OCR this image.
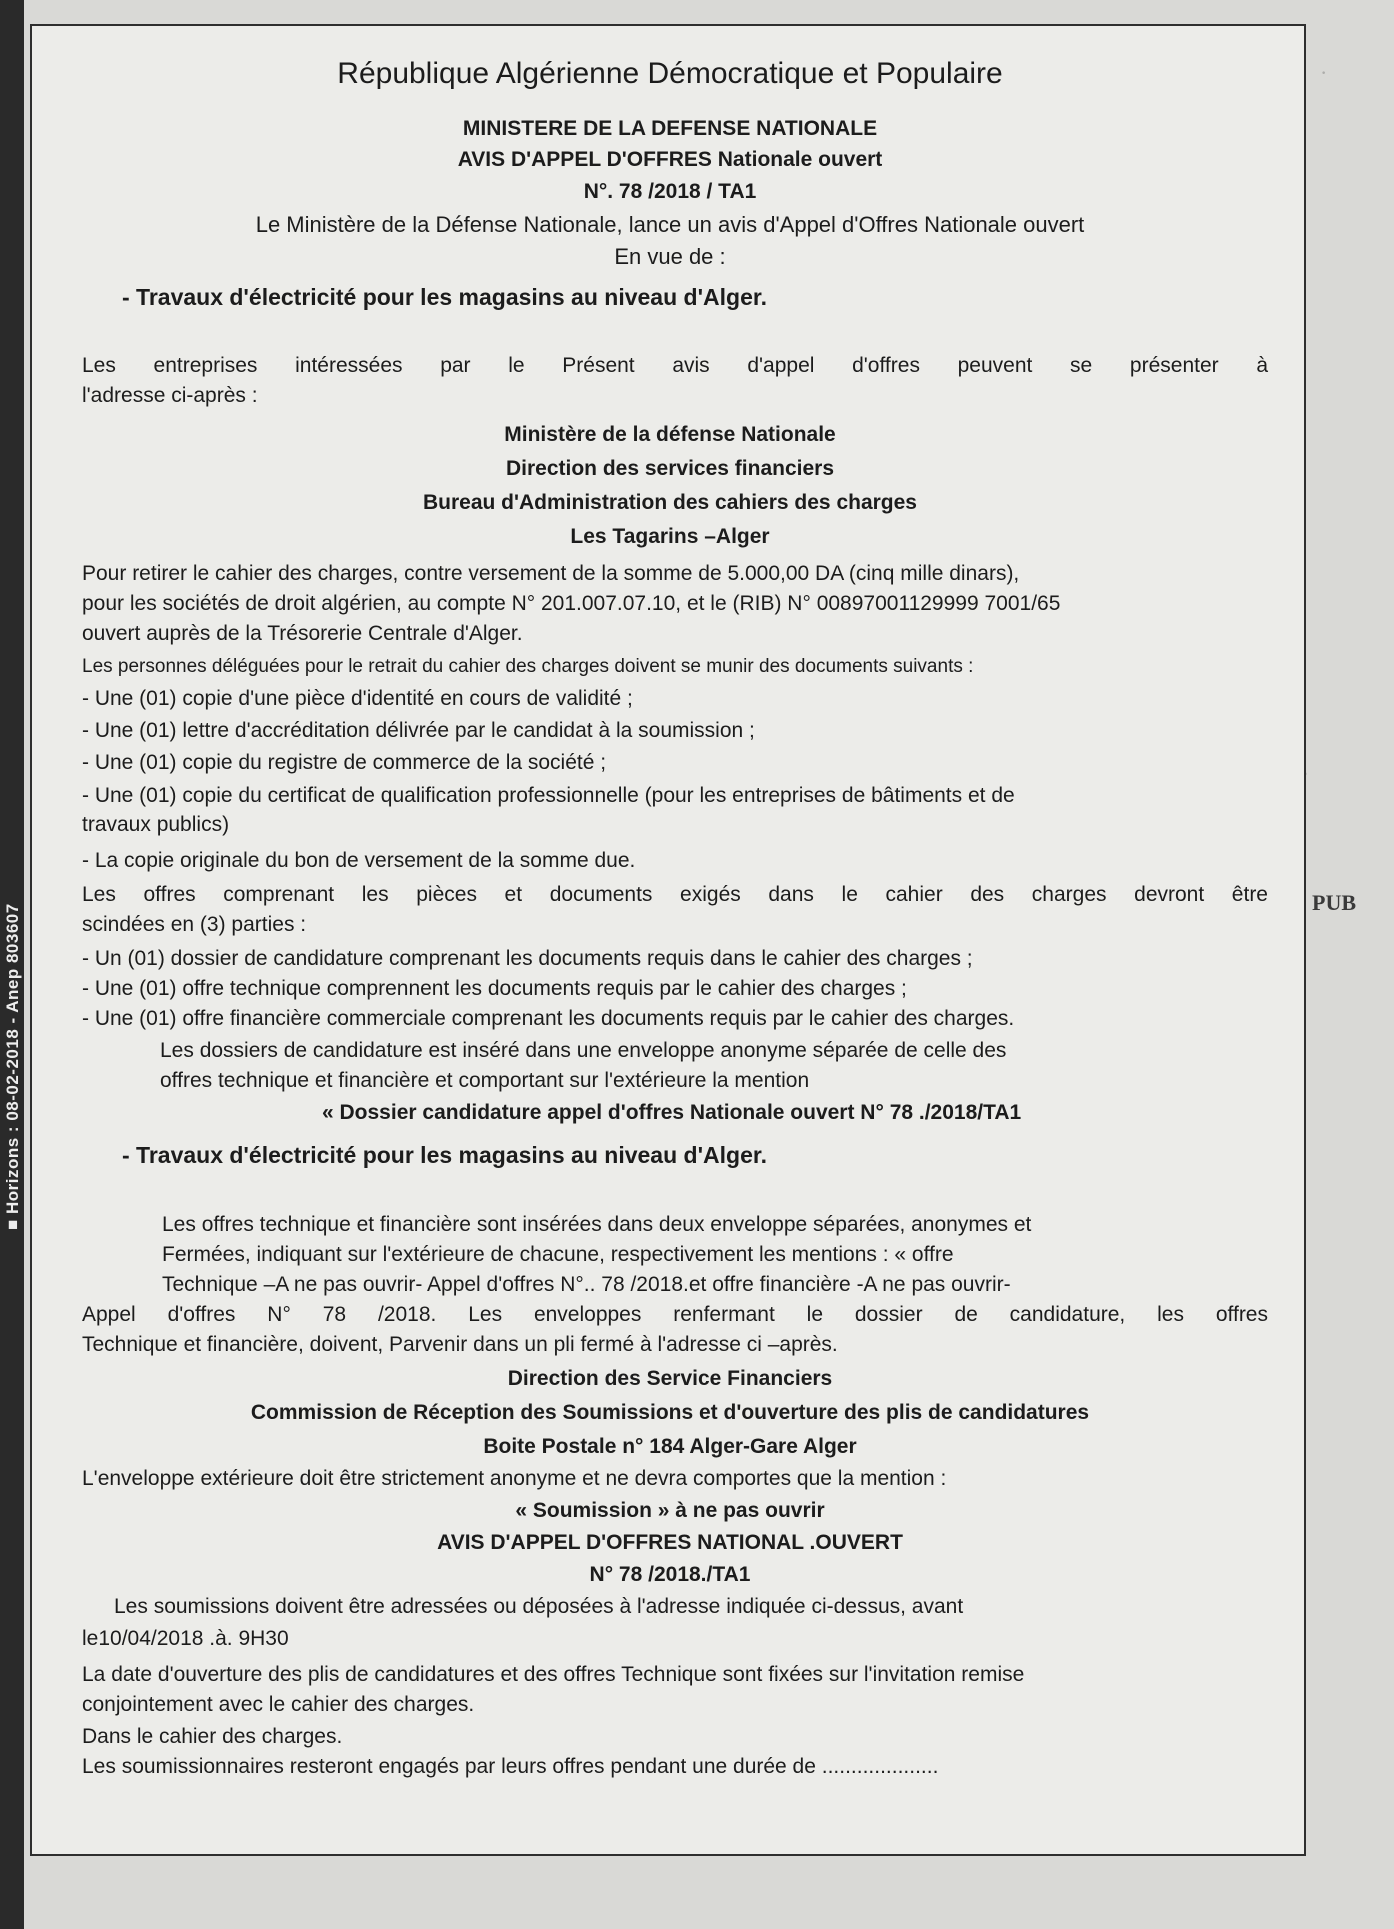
·
■ Horizons : 08-02-2018 - Anep 803607
PUB
République Algérienne Démocratique et Populaire
MINISTERE DE LA DEFENSE NATIONALE
AVIS D'APPEL D'OFFRES Nationale ouvert
N°. 78 /2018 / TA1
Le Ministère de la Défense Nationale, lance un avis d'Appel d'Offres Nationale ouvert
En vue de :
- Travaux d'électricité pour les magasins au niveau d'Alger.
Les entreprises intéressées par le Présent avis d'appel d'offres peuvent se présenter à
l'adresse ci-après :
Ministère de la défense Nationale
Direction des services financiers
Bureau d'Administration des cahiers des charges
Les Tagarins –Alger
Pour retirer le cahier des charges, contre versement de la somme de 5.000,00 DA (cinq mille dinars),
pour les sociétés de droit algérien, au compte N° 201.007.07.10, et le (RIB) N° 00897001129999 7001/65
ouvert auprès de la Trésorerie Centrale d'Alger.
Les personnes déléguées pour le retrait du cahier des charges doivent se munir des documents suivants :
- Une (01) copie d'une pièce d'identité en cours de validité ;
- Une (01) lettre d'accréditation délivrée par le candidat à la soumission ;
- Une (01) copie du registre de commerce de la société ;
- Une (01) copie du certificat de qualification professionnelle (pour les entreprises de bâtiments et de
travaux publics)
- La copie originale du bon de versement de la somme due.
Les offres comprenant les pièces et documents exigés dans le cahier des charges devront être
scindées en (3) parties :
- Un (01) dossier de candidature comprenant les documents requis dans le cahier des charges ;
- Une (01) offre technique comprennent les documents requis par le cahier des charges ;
- Une (01) offre financière commerciale comprenant les documents requis par le cahier des charges.
Les dossiers de candidature est inséré dans une enveloppe anonyme séparée de celle des
offres technique et financière et comportant sur l'extérieure la mention
« Dossier candidature appel d'offres Nationale ouvert N° 78 ./2018/TA1
- Travaux d'électricité pour les magasins au niveau d'Alger.
Les offres technique et financière sont insérées dans deux enveloppe séparées, anonymes et
Fermées, indiquant sur l'extérieure de chacune, respectivement les mentions : « offre
Technique –A ne pas ouvrir- Appel d'offres N°.. 78 /2018.et offre financière -A ne pas ouvrir-
Appel d'offres N° 78 /2018. Les enveloppes renfermant le dossier de candidature, les offres
Technique et financière, doivent, Parvenir dans un pli fermé à l'adresse ci –après.
Direction des Service Financiers
Commission de Réception des Soumissions et d'ouverture des plis de candidatures
Boite Postale n° 184 Alger-Gare Alger
L'enveloppe extérieure doit être strictement anonyme et ne devra comportes que la mention :
« Soumission » à ne pas ouvrir
AVIS D'APPEL D'OFFRES NATIONAL .OUVERT
N° 78 /2018./TA1
Les soumissions doivent être adressées ou déposées à l'adresse indiquée ci-dessus, avant
le10/04/2018 .à. 9H30
La date d'ouverture des plis de candidatures et des offres Technique sont fixées sur l'invitation remise
conjointement avec le cahier des charges.
Dans le cahier des charges.
Les soumissionnaires resteront engagés par leurs offres pendant une durée de ....................
